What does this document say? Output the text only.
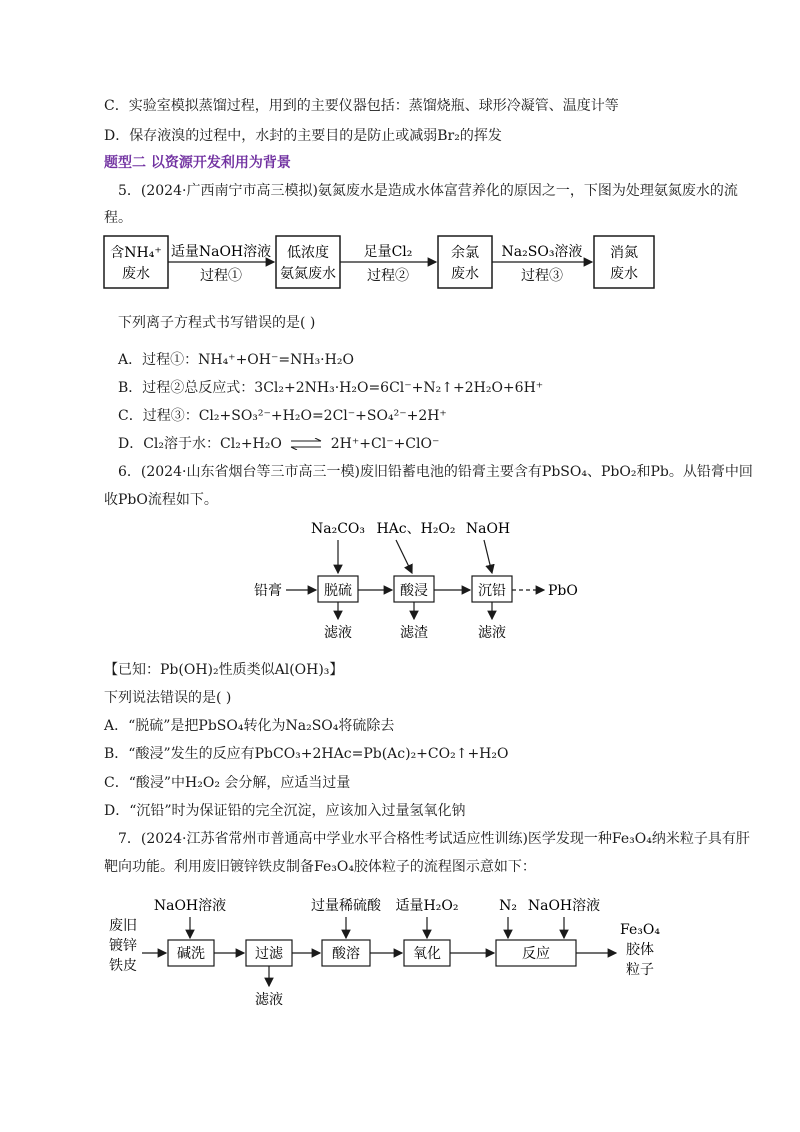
C．实验室模拟蒸馏过程，用到的主要仪器包括：蒸馏烧瓶、球形冷凝管、温度计等
D．保存液溴的过程中，水封的主要目的是防止或减弱Br₂的挥发
题型二 以资源开发利用为背景
5．(2024·广西南宁市高三模拟)氨氮废水是造成水体富营养化的原因之一，下图为处理氨氮废水的流
程。
含NH₄⁺
废水
适量NaOH溶液
过程①
低浓度
氨氮废水
足量Cl₂
过程②
余氯
废水
Na₂SO₃溶液
过程③
消氮
废水
下列离子方程式书写错误的是( )
A．过程①：NH₄⁺+OH⁻=NH₃·H₂O
B．过程②总反应式：3Cl₂+2NH₃·H₂O=6Cl⁻+N₂↑+2H₂O+6H⁺
C．过程③：Cl₂+SO₃²⁻+H₂O=2Cl⁻+SO₄²⁻+2H⁺
D．Cl₂溶于水：Cl₂+H₂O ⇌ 2H⁺+Cl⁻+ClO⁻
6．(2024·山东省烟台等三市高三一模)废旧铅蓄电池的铅膏主要含有PbSO₄、PbO₂和Pb。从铅膏中回
收PbO流程如下。
Na₂CO₃ HAc、H₂O₂ NaOH
铅膏	脱硫	酸浸	沉铅	PbO
滤液	滤渣	滤液
【已知：Pb(OH)₂性质类似Al(OH)₃】
下列说法错误的是( )
A．“脱硫”是把PbSO₄转化为Na₂SO₄将硫除去
B．“酸浸”发生的反应有PbCO₃+2HAc=Pb(Ac)₂+CO₂↑+H₂O
C．“酸浸”中H₂O₂ 会分解，应适当过量
D．“沉铅”时为保证铅的完全沉淀，应该加入过量氢氧化钠
7．(2024·江苏省常州市普通高中学业水平合格性考试适应性训练)医学发现一种Fe₃O₄纳米粒子具有肝
靶向功能。利用废旧镀锌铁皮制备Fe₃O₄胶体粒子的流程图示意如下：
废旧
镀锌
铁皮
NaOH溶液	过量稀硫酸 适量H₂O₂	N₂ NaOH溶液
碱洗	过滤	酸溶	氧化	反应
Fe₃O₄
胶体
粒子
滤液
